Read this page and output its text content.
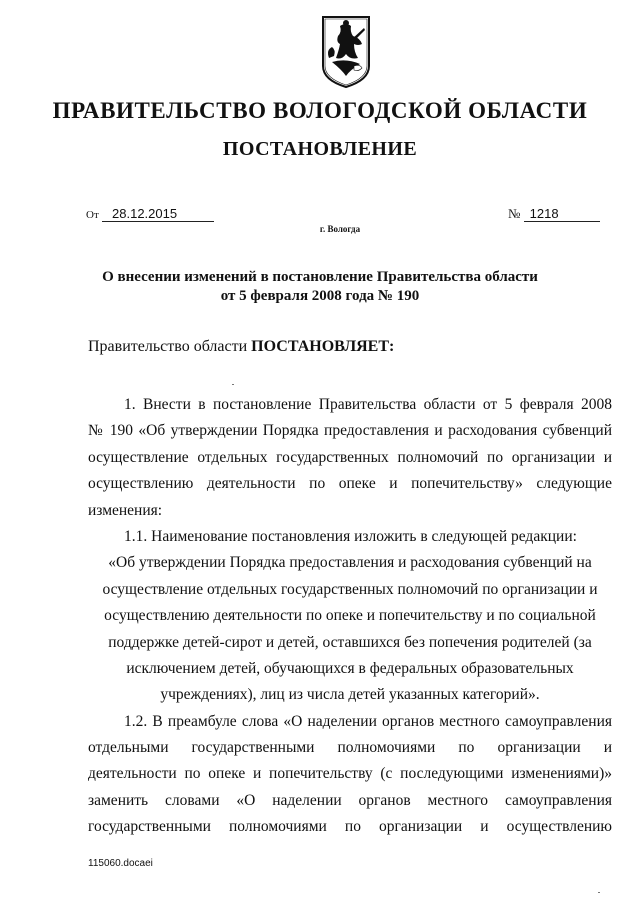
ПРАВИТЕЛЬСТВО ВОЛОГОДСКОЙ ОБЛАСТИ
ПОСТАНОВЛЕНИЕ
От 28.12.2015	№ 1218
г. Вологда
О внесении изменений в постановление Правительства области
от 5 февраля 2008 года № 190
Правительство области ПОСТАНОВЛЯЕТ:
1. Внести в постановление Правительства области от 5 февраля 2008
№ 190 «Об утверждении Порядка предоставления и расходования субвенций
осуществление отдельных государственных полномочий по организации и
осуществлению деятельности по опеке и попечительству» следующие
изменения:
1.1. Наименование постановления изложить в следующей редакции:
«Об утверждении Порядка предоставления и расходования субвенций на
осуществление отдельных государственных полномочий по организации и
осуществлению деятельности по опеке и попечительству и по социальной
поддержке детей-сирот и детей, оставшихся без попечения родителей (за
исключением детей, обучающихся в федеральных образовательных
учреждениях), лиц из числа детей указанных категорий».
1.2. В преамбуле слова «О наделении органов местного самоуправления
отдельными государственными полномочиями по организации и
деятельности по опеке и попечительству (с последующими изменениями)»
заменить словами «О наделении органов местного самоуправления
государственными полномочиями по организации и осуществлению
115060.docaei
